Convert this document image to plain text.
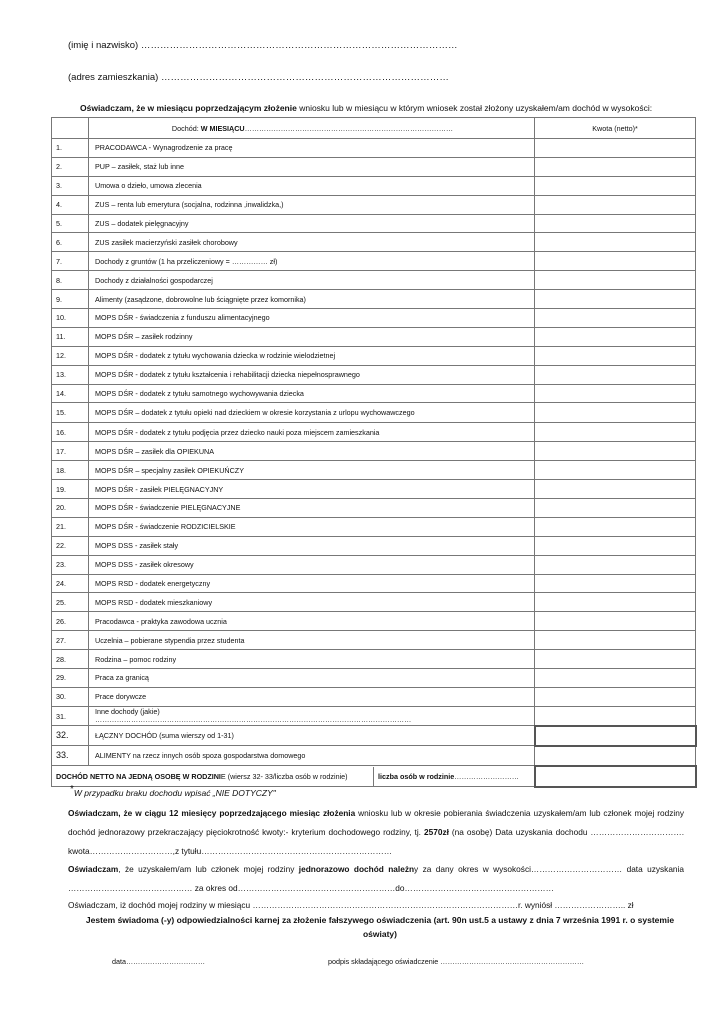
(imię i nazwisko) ………………………………………………………………………………………
(adres zamieszkania) ………………………………………………………………………………
Oświadczam, że w miesiącu poprzedzającym złożenie wniosku lub w miesiącu w którym wniosek został złożony uzyskałem/am dochód w wysokości:
	Dochód: W MIESIĄCU……………………………………………………………………………	Kwota (netto)*
1.	PRACODAWCA - Wynagrodzenie za pracę	
2.	PUP – zasiłek, staż lub inne	
3.	Umowa o dzieło, umowa zlecenia	
4.	ZUS – renta lub emerytura (socjalna, rodzinna ,inwalidzka,)	
5.	ZUS – dodatek pielęgnacyjny	
6.	ZUS zasiłek macierzyński zasiłek chorobowy	
7.	Dochody z gruntów (1 ha przeliczeniowy = …………… zł)	
8.	Dochody z działalności gospodarczej	
9.	Alimenty (zasądzone, dobrowolne lub ściągnięte przez komornika)	
10.	MOPS DŚR - świadczenia z funduszu alimentacyjnego	
11.	MOPS DŚR – zasiłek rodzinny	
12.	MOPS DŚR - dodatek z tytułu wychowania dziecka w rodzinie wielodzietnej	
13.	MOPS DŚR - dodatek z tytułu kształcenia i rehabilitacji dziecka niepełnosprawnego	
14.	MOPS DŚR - dodatek z tytułu samotnego wychowywania dziecka	
15.	MOPS DŚR – dodatek z tytułu opieki nad dzieckiem w okresie korzystania z urlopu wychowawczego	
16.	MOPS DŚR - dodatek z tytułu podjęcia przez dziecko nauki poza miejscem zamieszkania	
17.	MOPS DŚR – zasiłek dla OPIEKUNA	
18.	MOPS DŚR – specjalny zasiłek OPIEKUŃCZY	
19.	MOPS DŚR - zasiłek PIELĘGNACYJNY	
20.	MOPS DŚR - świadczenie PIELĘGNACYJNE	
21.	MOPS DŚR - świadczenie RODZICIELSKIE	
22.	MOPS DSS - zasiłek stały	
23.	MOPS DSS - zasiłek okresowy	
24.	MOPS RSD - dodatek energetyczny	
25.	MOPS RSD - dodatek mieszkaniowy	
26.	Pracodawca - praktyka zawodowa ucznia	
27.	Uczelnia – pobierane stypendia przez studenta	
28.	Rodzina – pomoc rodziny	
29.	Praca za granicą	
30.	Prace dorywcze	
31.	Inne dochody (jakie)
……………………………………………………………………………………………………………………	

32.	ŁĄCZNY DOCHÓD (suma wierszy od 1-31)	
33.	ALIMENTY na rzecz innych osób spoza gospodarstwa domowego	

DOCHÓD NETTO NA JEDNĄ OSOBĘ W RODZINI E (wiersz 32- 33/liczba osób w rodzinie) liczba osób w rodzinie ………………………		

*W przypadku braku dochodu wpisać „NIE DOTYCZY"
Oświadczam, że w ciągu 12 miesięcy poprzedzającego miesiąc złożenia wniosku lub w okresie pobierania świadczenia uzyskałem/am lub członek mojej rodziny dochód jednorazowy przekraczający pięciokrotność kwoty:- kryterium dochodowego rodziny, tj. 2570zł (na osobę) Data uzyskania dochodu ……………………………. kwota…………………………,z tytułu……………………………………………………………
Oświadczam, że uzyskałem/am lub członek mojej rodziny jednorazowo dochód należny za dany okres w wysokości…………………………… data uzyskania ……………………………………… za okres od…………………………………………………do………………………………………………
Oświadczam, iż dochód mojej rodziny w miesiącu ……………………………………………………………………………………r. wyniósł …………………….. zł
Jestem świadoma (-y) odpowiedzialności karnej za złożenie fałszywego oświadczenia (art. 90n ust.5 a ustawy z dnia 7 września 1991 r. o systemie oświaty)
data……………………………	podpis składającego oświadczenie ……………………………………………………
